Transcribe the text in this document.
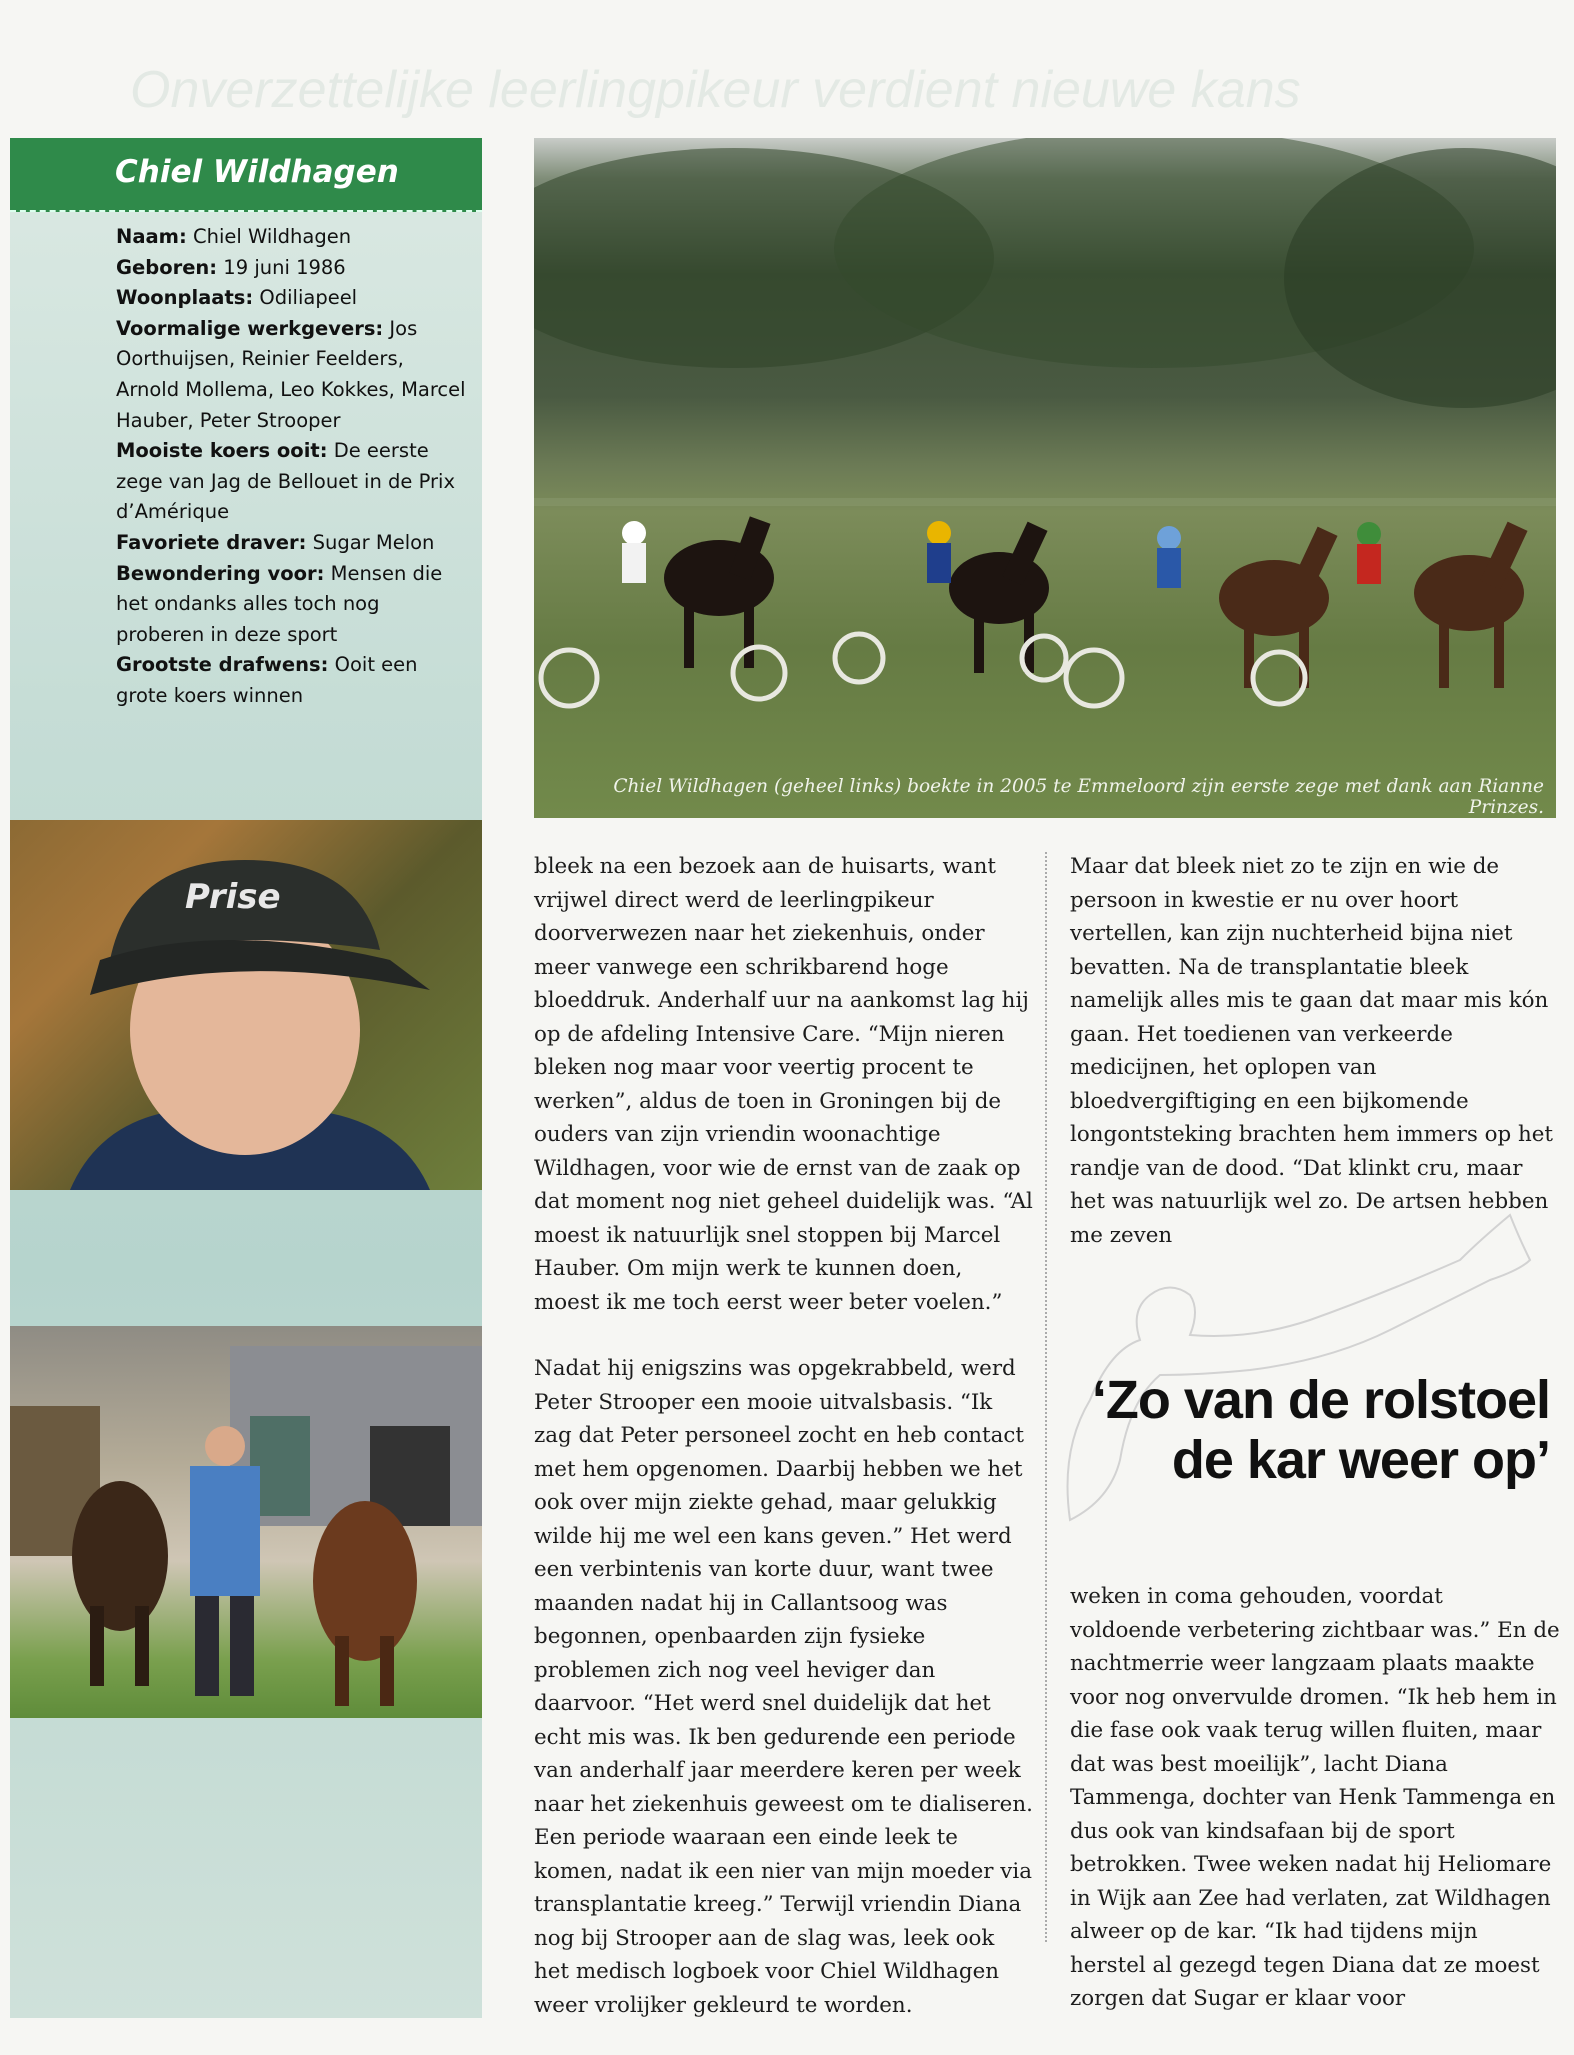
Onverzettelijke leerlingpikeur verdient nieuwe kans
Chiel Wildhagen

Naam: Chiel Wildhagen

Geboren: 19 juni 1986

Woonplaats: Odiliapeel

Voormalige werkgevers: Jos Oorthuijsen, Reinier Feelders, Arnold Mollema, Leo Kokkes, Marcel Hauber, Peter Strooper

Mooiste koers ooit: De eerste zege van Jag de Bellouet in de Prix d’Amérique

Favoriete draver: Sugar Melon

Bewondering voor: Mensen die het ondanks alles toch nog proberen in deze sport

Grootste drafwens: Ooit een grote koers winnen

Chiel Wildhagen (geheel links) boekte in 2005 te Emmeloord zijn eerste zege met dank aan Rianne Prinzes.
Prise

bleek na een bezoek aan de huisarts, want vrijwel direct werd de leerlingpikeur doorverwezen naar het ziekenhuis, onder meer vanwege een schrikbarend hoge bloeddruk. Anderhalf uur na aankomst lag hij op de afdeling Intensive Care. “Mijn nieren bleken nog maar voor veertig procent te werken”, aldus de toen in Groningen bij de ouders van zijn vriendin woonachtige Wildhagen, voor wie de ernst van de zaak op dat moment nog niet geheel duidelijk was. “Al moest ik natuurlijk snel stoppen bij Marcel Hauber. Om mijn werk te kunnen doen, moest ik me toch eerst weer beter voelen.”

Nadat hij enigszins was opgekrabbeld, werd Peter Strooper een mooie uitvalsbasis. “Ik zag dat Peter personeel zocht en heb contact met hem opgenomen. Daarbij hebben we het ook over mijn ziekte gehad, maar gelukkig wilde hij me wel een kans geven.” Het werd een verbintenis van korte duur, want twee maanden nadat hij in Callantsoog was begonnen, openbaarden zijn fysieke problemen zich nog veel heviger dan daarvoor. “Het werd snel duidelijk dat het echt mis was. Ik ben gedurende een periode van anderhalf jaar meerdere keren per week naar het ziekenhuis geweest om te dialiseren. Een periode waaraan een einde leek te komen, nadat ik een nier van mijn moeder via transplantatie kreeg.” Terwijl vriendin Diana nog bij Strooper aan de slag was, leek ook het medisch logboek voor Chiel Wildhagen weer vrolijker gekleurd te worden.

Maar dat bleek niet zo te zijn en wie de persoon in kwestie er nu over hoort vertellen, kan zijn nuchterheid bijna niet bevatten. Na de transplantatie bleek namelijk alles mis te gaan dat maar mis kón gaan. Het toedienen van verkeerde medicijnen, het oplopen van bloedvergiftiging en een bijkomende longontsteking brachten hem immers op het randje van de dood. “Dat klinkt cru, maar het was natuurlijk wel zo. De artsen hebben me zeven

‘Zo van de rolstoel
de kar weer op’

weken in coma gehouden, voordat voldoende verbetering zichtbaar was.” En de nachtmerrie weer langzaam plaats maakte voor nog onvervulde dromen. “Ik heb hem in die fase ook vaak terug willen fluiten, maar dat was best moeilijk”, lacht Diana Tammenga, dochter van Henk Tammenga en dus ook van kindsafaan bij de sport betrokken. Twee weken nadat hij Heliomare in Wijk aan Zee had verlaten, zat Wildhagen alweer op de kar. “Ik had tijdens mijn herstel al gezegd tegen Diana dat ze moest zorgen dat Sugar er klaar voor
